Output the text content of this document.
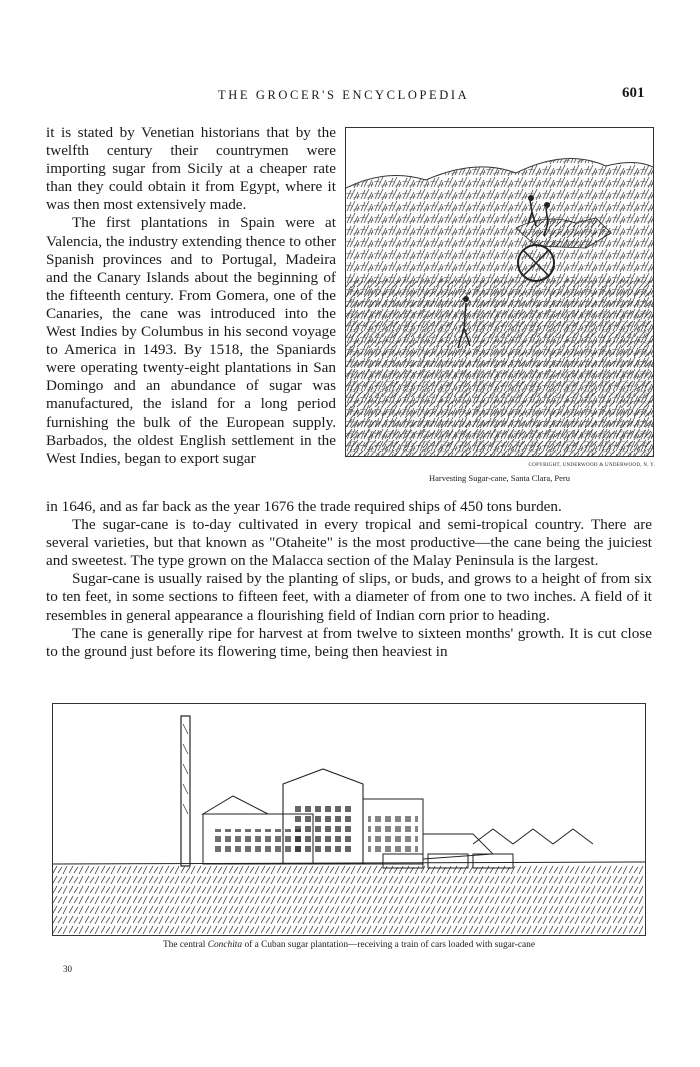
THE GROCER'S ENCYCLOPEDIA	601

it is stated by Venetian historians that by the twelfth century their countrymen were importing sugar from Sicily at a cheaper rate than they could obtain it from Egypt, where it was then most extensively made.

The first plantations in Spain were at Valencia, the industry extending thence to other Spanish provinces and to Portugal, Madeira and the Canary Islands about the beginning of the fifteenth century. From Gomera, one of the Canaries, the cane was introduced into the West Indies by Columbus in his second voyage to America in 1493. By 1518, the Spaniards were operating twenty-eight plantations in San Domingo and an abundance of sugar was manufactured, the island for a long period furnishing the bulk of the European supply. Barbados, the oldest English settlement in the West Indies, began to export sugar	COPYRIGHT, UNDERWOOD & UNDERWOOD, N. Y.
Harvesting Sugar-cane, Santa Clara, Peru

in 1646, and as far back as the year 1676 the trade required ships of 450 tons burden.

The sugar-cane is to-day cultivated in every tropical and semi-tropical country. There are several varieties, but that known as "Otaheite" is the most productive—the cane being the juiciest and sweetest. The type grown on the Malacca section of the Malay Peninsula is the largest.

Sugar-cane is usually raised by the planting of slips, or buds, and grows to a height of from six to ten feet, in some sections to fifteen feet, with a diameter of from one to two inches. A field of it resembles in general appearance a flourishing field of Indian corn prior to heading.

The cane is generally ripe for harvest at from twelve to sixteen months' growth. It is cut close to the ground just before its flowering time, being then heaviest in

The central Conchita of a Cuban sugar plantation—receiving a train of cars loaded with sugar-cane
30
